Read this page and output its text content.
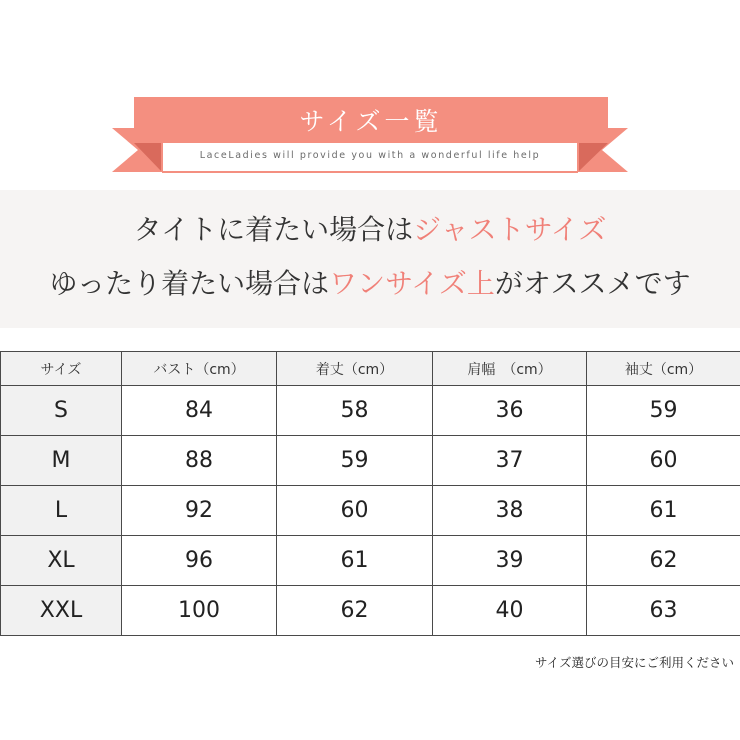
サイズ一覧
LaceLadies will provide you with a wonderful life help
タイトに着たい場合はジャストサイズ
ゆったり着たい場合はワンサイズ上がオススメです
サイズ	バスト（cm）	着丈（cm）	肩幅　（cm）	袖丈（cm）
S	84	58	36	59
M	88	59	37	60
L	92	60	38	61
XL	96	61	39	62
XXL	100	62	40	63
サイズ選びの目安にご利用ください
